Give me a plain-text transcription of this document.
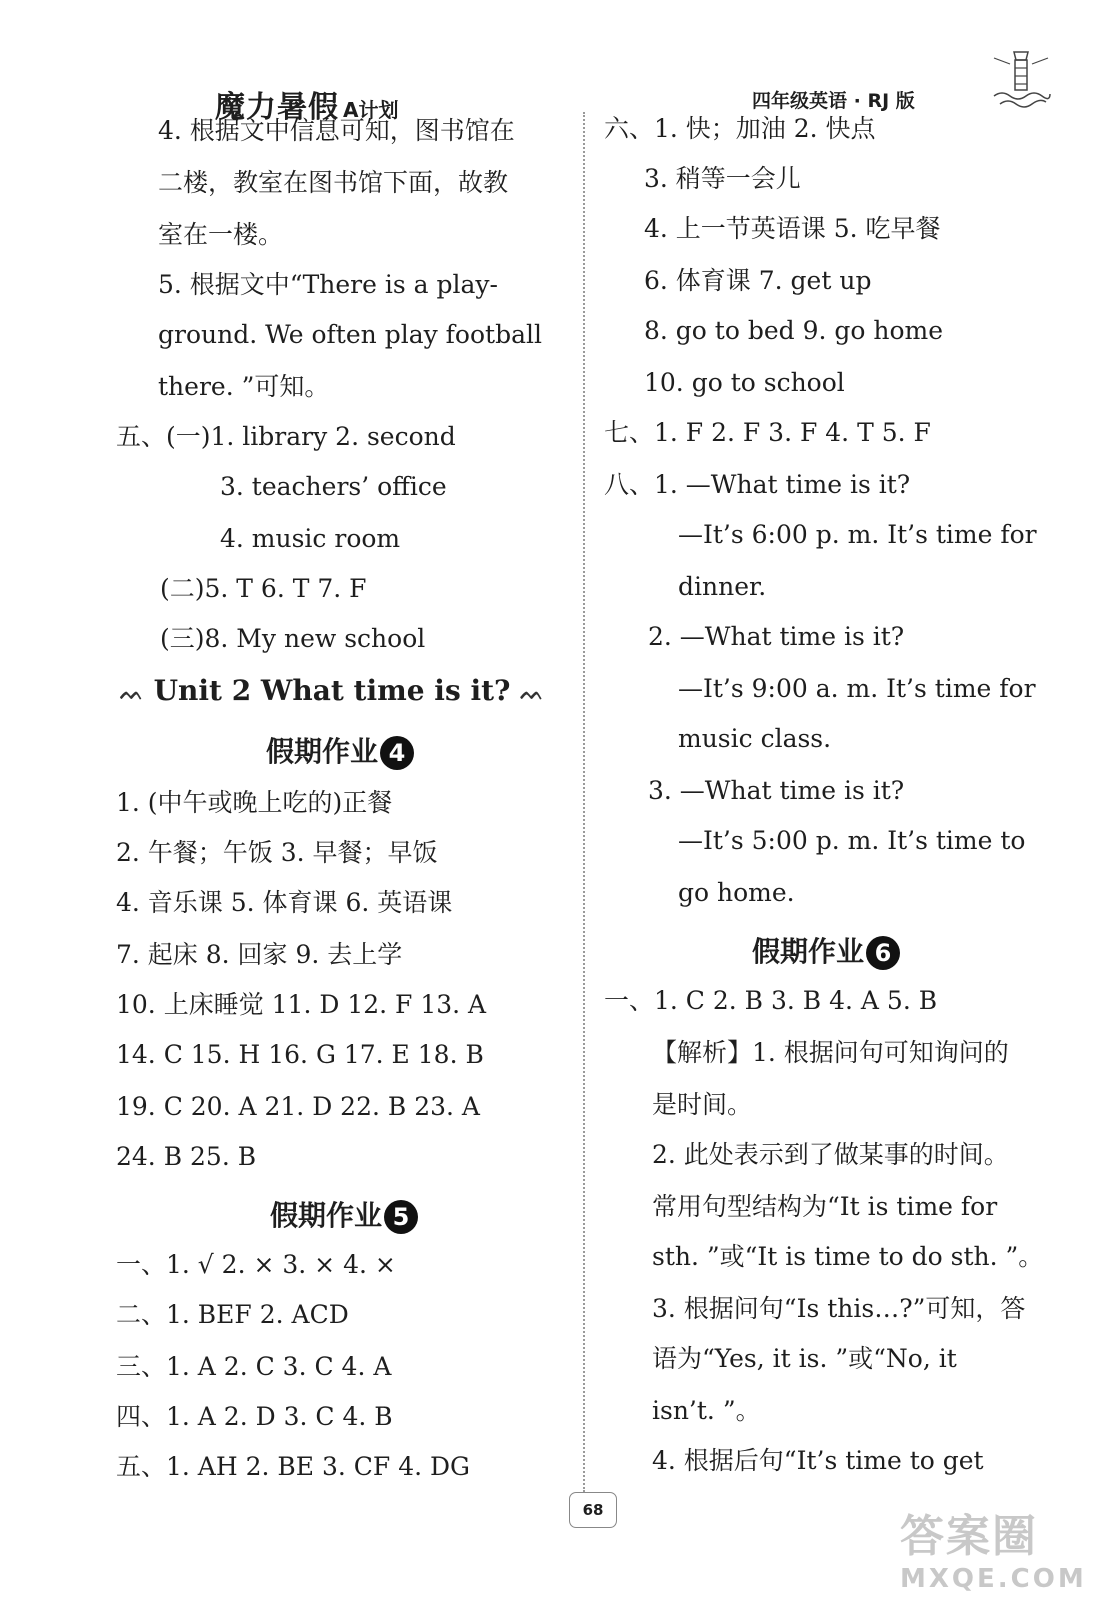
魔力暑假 A计划	四年级英语 · RJ 版
4. 根据文中信息可知，图书馆在
二楼，教室在图书馆下面，故教
室在一楼。
5. 根据文中“There is a play-
ground. We often play football
there. ”可知。
五、(一)1. library 2. second
3. teachers’ office
4. music room
(二)5. T 6. T 7. F
(三)8. My new school
ᨓ Unit 2 What time is it? ᨓ
假期作业 4
1. (中午或晚上吃的)正餐
2. 午餐；午饭 3. 早餐；早饭
4. 音乐课 5. 体育课 6. 英语课
7. 起床 8. 回家 9. 去上学
10. 上床睡觉 11. D 12. F 13. A
14. C 15. H 16. G 17. E 18. B
19. C 20. A 21. D 22. B 23. A
24. B 25. B
假期作业 5
一、1. √ 2. × 3. × 4. ×
二、1. BEF 2. ACD
三、1. A 2. C 3. C 4. A
四、1. A 2. D 3. C 4. B
五、1. AH 2. BE 3. CF 4. DG
六、1. 快；加油 2. 快点
3. 稍等一会儿
4. 上一节英语课 5. 吃早餐
6. 体育课 7. get up
8. go to bed 9. go home
10. go to school
七、1. F 2. F 3. F 4. T 5. F
八、1. —What time is it?
—It’s 6:00 p. m. It’s time for
dinner.
2. —What time is it?
—It’s 9:00 a. m. It’s time for
music class.
3. —What time is it?
—It’s 5:00 p. m. It’s time to
go home.
假期作业 6
一、1. C 2. B 3. B 4. A 5. B
【解析】1. 根据问句可知询问的
是时间。
2. 此处表示到了做某事的时间。
常用句型结构为“It is time for
sth. ”或“It is time to do sth. ”。
3. 根据问句“Is this…?”可知，答
语为“Yes, it is. ”或“No, it
isn’t. ”。
4. 根据后句“It’s time to get
68
答案圈
MXQE.COM
